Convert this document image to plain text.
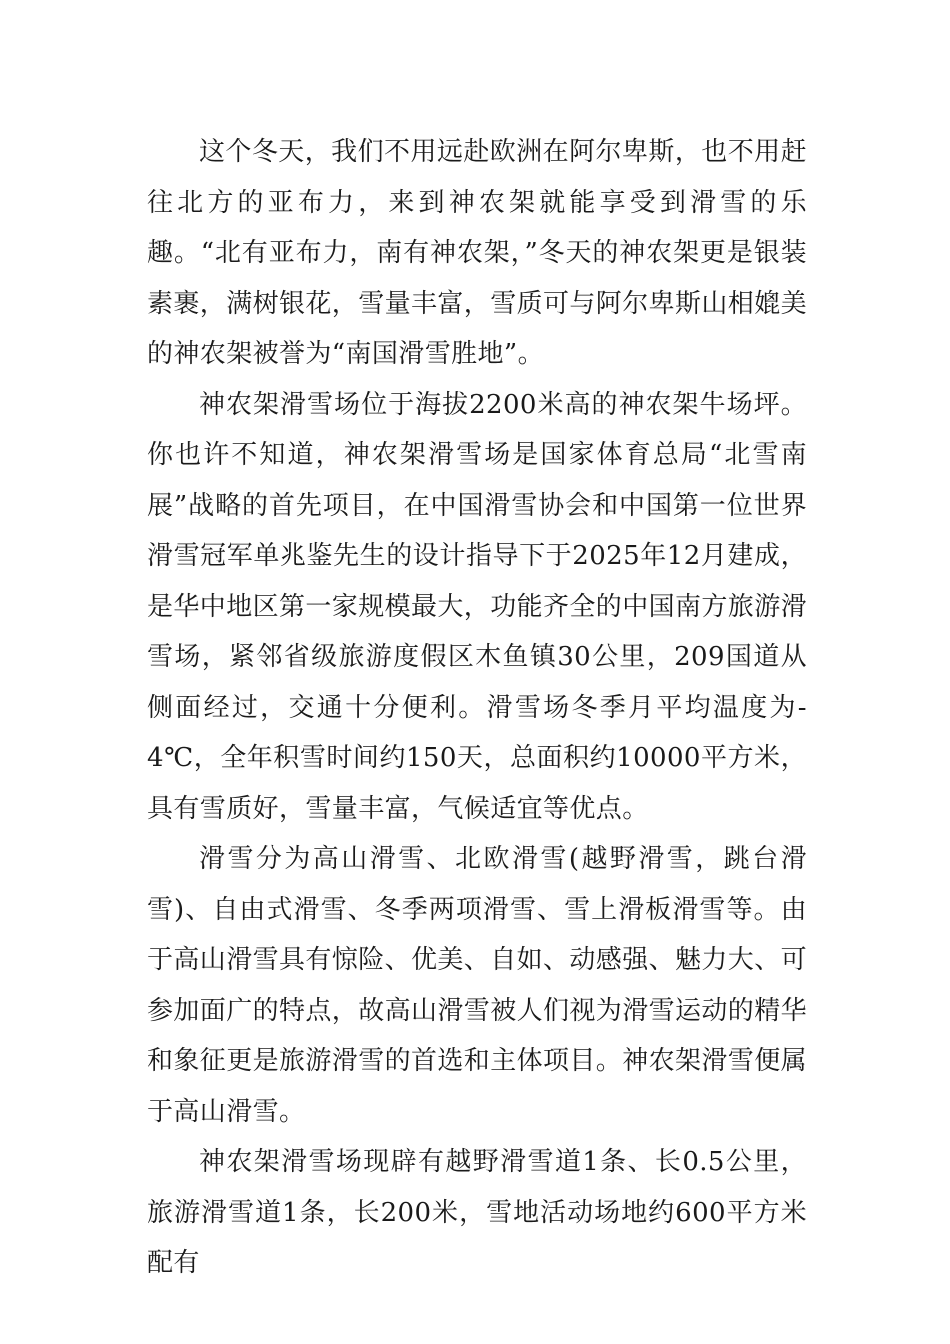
这个冬天，我们不用远赴欧洲在阿尔卑斯，也不用赶往北方的亚布力，来到神农架就能享受到滑雪的乐趣。“北有亚布力，南有神农架，”冬天的神农架更是银装素裹，满树银花，雪量丰富，雪质可与阿尔卑斯山相媲美的神农架被誉为“南国滑雪胜地”。

神农架滑雪场位于海拔2200米高的神农架牛场坪。你也许不知道，神农架滑雪场是国家体育总局“北雪南展”战略的首先项目，在中国滑雪协会和中国第一位世界滑雪冠军单兆鉴先生的设计指导下于2025年12月建成，是华中地区第一家规模最大，功能齐全的中国南方旅游滑雪场，紧邻省级旅游度假区木鱼镇30公里，209国道从侧面经过，交通十分便利。滑雪场冬季月平均温度为-4℃，全年积雪时间约150天，总面积约10000平方米，具有雪质好，雪量丰富，气候适宜等优点。

滑雪分为高山滑雪、北欧滑雪(越野滑雪，跳台滑雪)、自由式滑雪、冬季两项滑雪、雪上滑板滑雪等。由于高山滑雪具有惊险、优美、自如、动感强、魅力大、可参加面广的特点，故高山滑雪被人们视为滑雪运动的精华和象征更是旅游滑雪的首选和主体项目。神农架滑雪便属于高山滑雪。

神农架滑雪场现辟有越野滑雪道1条、长0.5公里，旅游滑雪道1条，长200米，雪地活动场地约600平方米配有
